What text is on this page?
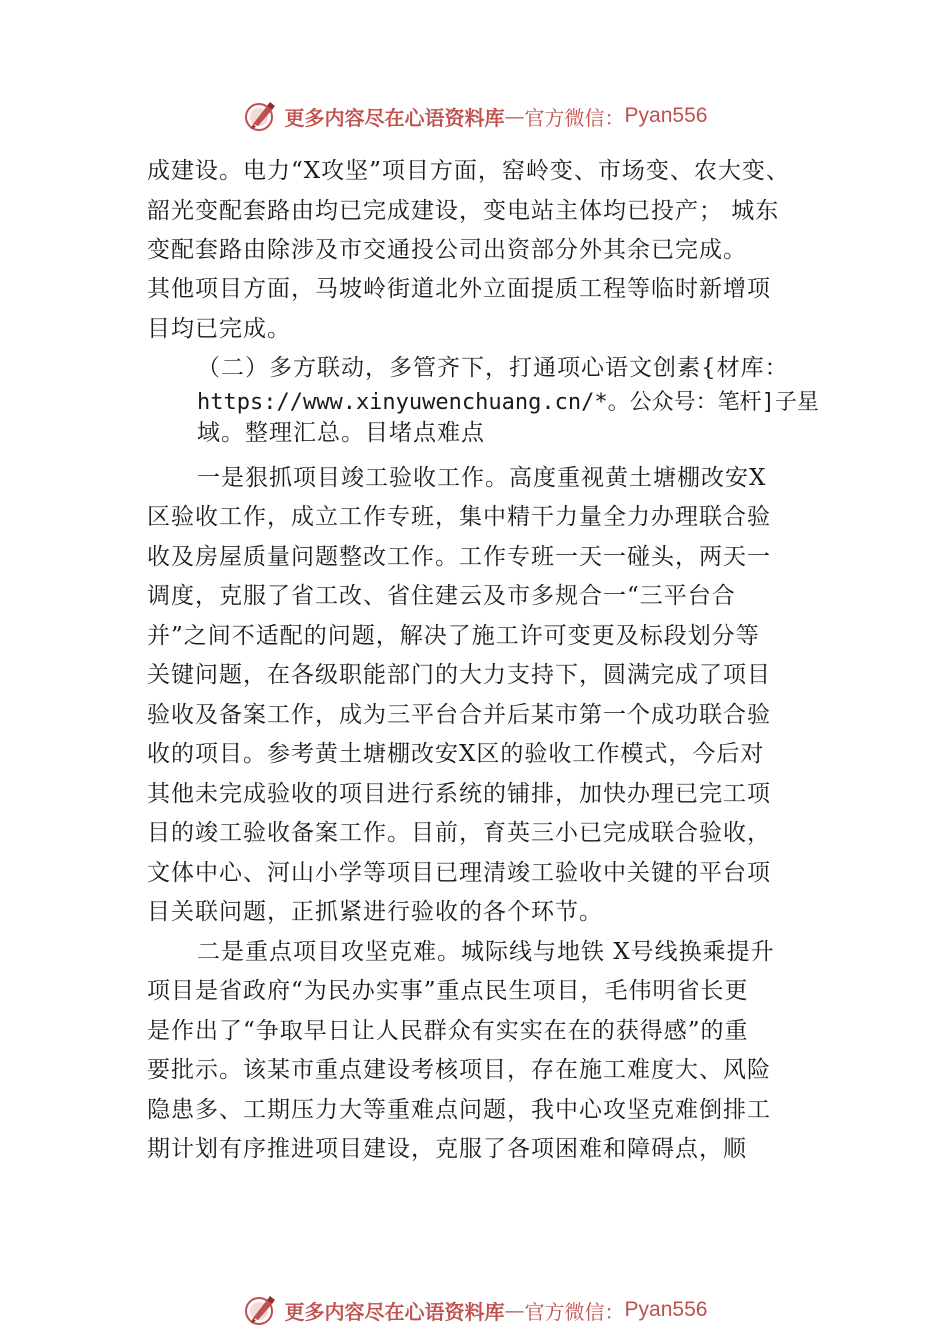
更多内容尽在心语资料库 — 官方微信： Pyan556
成建设。电力“X攻坚”项目方面，窑岭变、市场变、农大变、
韶光变配套路由均已完成建设，变电站主体均已投产； 城东
变配套路由除涉及市交通投公司出资部分外其余已完成。
其他项目方面，马坡岭街道北外立面提质工程等临时新增项
目均已完成。
（二）多方联动，多管齐下，打通项心语文创素{材库：
https://www.xinyuwenchuang.cn/*。公众号：笔杆]子星
域。整理汇总。目堵点难点
一是狠抓项目竣工验收工作。高度重视黄土塘棚改安X
区验收工作，成立工作专班，集中精干力量全力办理联合验
收及房屋质量问题整改工作。工作专班一天一碰头，两天一
调度，克服了省工改、省住建云及市多规合一“三平台合
并”之间不适配的问题，解决了施工许可变更及标段划分等
关键问题，在各级职能部门的大力支持下，圆满完成了项目
验收及备案工作，成为三平台合并后某市第一个成功联合验
收的项目。参考黄土塘棚改安X区的验收工作模式，今后对
其他未完成验收的项目进行系统的铺排，加快办理已完工项
目的竣工验收备案工作。目前，育英三小已完成联合验收，
文体中心、河山小学等项目已理清竣工验收中关键的平台项
目关联问题，正抓紧进行验收的各个环节。
二是重点项目攻坚克难。城际线与地铁 X号线换乘提升
项目是省政府“为民办实事”重点民生项目，毛伟明省长更
是作出了“争取早日让人民群众有实实在在的获得感”的重
要批示。该某市重点建设考核项目，存在施工难度大、风险
隐患多、工期压力大等重难点问题，我中心攻坚克难倒排工
期计划有序推进项目建设，克服了各项困难和障碍点，顺
更多内容尽在心语资料库 — 官方微信： Pyan556
